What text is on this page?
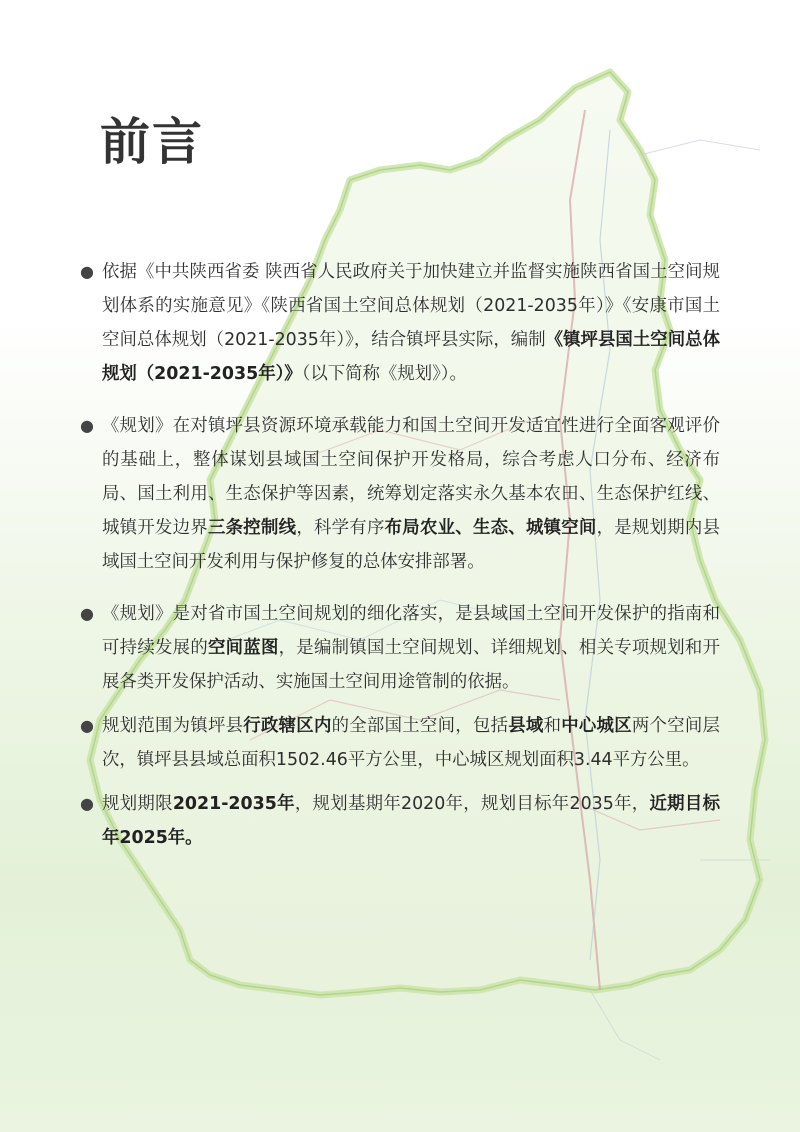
前言
● 依据《中共陕西省委 陕西省人民政府关于加快建立并监督实施陕西省国土空间规划体系的实施意见》《陕西省国土空间总体规划（2021-2035年）》《安康市国土空间总体规划（2021-2035年）》，结合镇坪县实际，编制《镇坪县国土空间总体规划（2021-2035年）》（以下简称《规划》）。

● 《规划》在对镇坪县资源环境承载能力和国土空间开发适宜性进行全面客观评价的基础上，整体谋划县域国土空间保护开发格局，综合考虑人口分布、经济布局、国土利用、生态保护等因素，统筹划定落实永久基本农田、生态保护红线、城镇开发边界三条控制线，科学有序布局农业、生态、城镇空间，是规划期内县域国土空间开发利用与保护修复的总体安排部署。

● 《规划》是对省市国土空间规划的细化落实，是县域国土空间开发保护的指南和可持续发展的空间蓝图，是编制镇国土空间规划、详细规划、相关专项规划和开展各类开发保护活动、实施国土空间用途管制的依据。

● 规划范围为镇坪县行政辖区内的全部国土空间，包括县域和中心城区两个空间层次，镇坪县县域总面积1502.46平方公里，中心城区规划面积3.44平方公里。

● 规划期限2021-2035年，规划基期年2020年，规划目标年2035年，近期目标年2025年。
